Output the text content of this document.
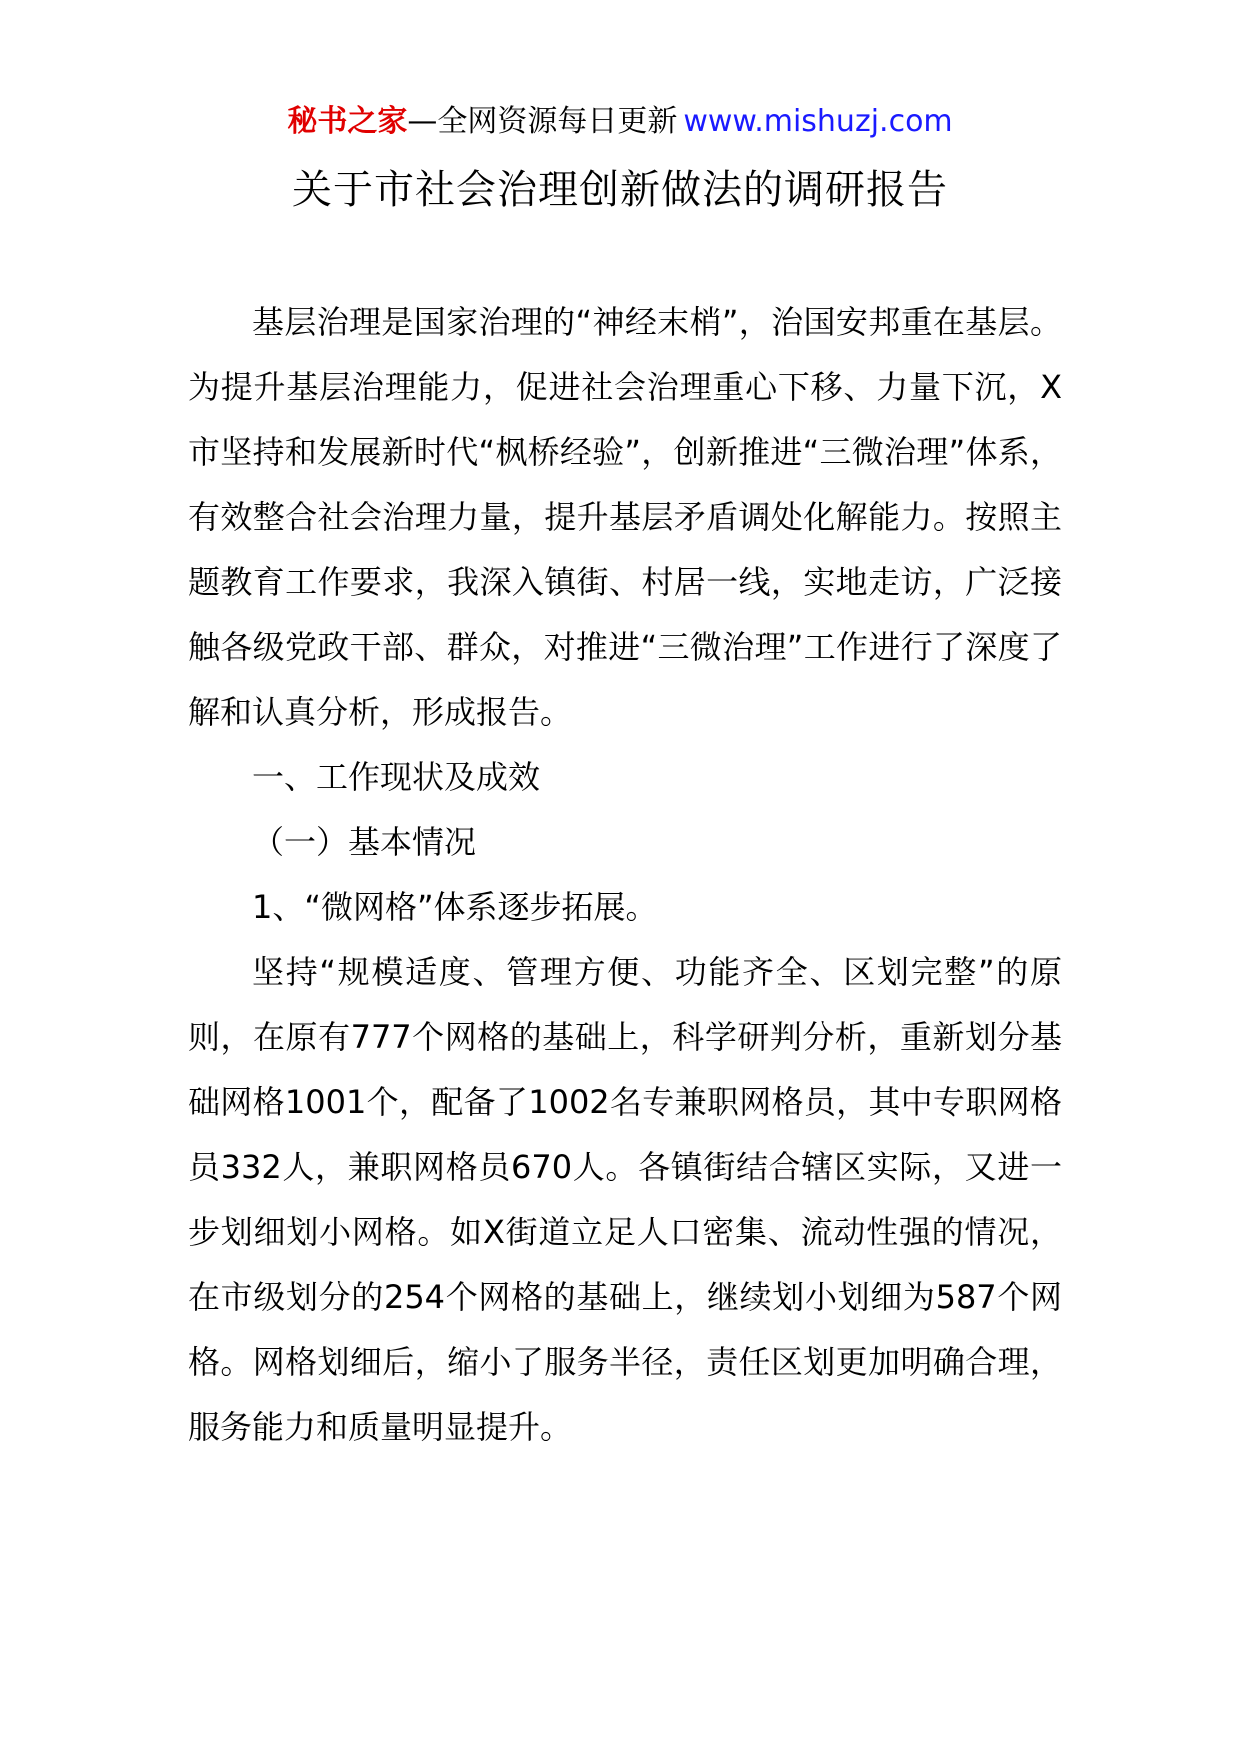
秘书之家—全网资源每日更新 www.mishuzj.com
关于市社会治理创新做法的调研报告

基层治理是国家治理的“神经末梢”，治国安邦重在基层。为提升基层治理能力，促进社会治理重心下移、力量下沉，X市坚持和发展新时代“枫桥经验”，创新推进“三微治理”体系，有效整合社会治理力量，提升基层矛盾调处化解能力。按照主题教育工作要求，我深入镇街、村居一线，实地走访，广泛接触各级党政干部、群众，对推进“三微治理”工作进行了深度了解和认真分析，形成报告。

一、工作现状及成效

（一）基本情况

1、“微网格”体系逐步拓展。

坚持“规模适度、管理方便、功能齐全、区划完整”的原则，在原有777个网格的基础上，科学研判分析，重新划分基础网格1001个，配备了1002名专兼职网格员，其中专职网格员332人，兼职网格员670人。各镇街结合辖区实际，又进一步划细划小网格。如X街道立足人口密集、流动性强的情况，在市级划分的254个网格的基础上，继续划小划细为587个网格。网格划细后，缩小了服务半径，责任区划更加明确合理，服务能力和质量明显提升。
